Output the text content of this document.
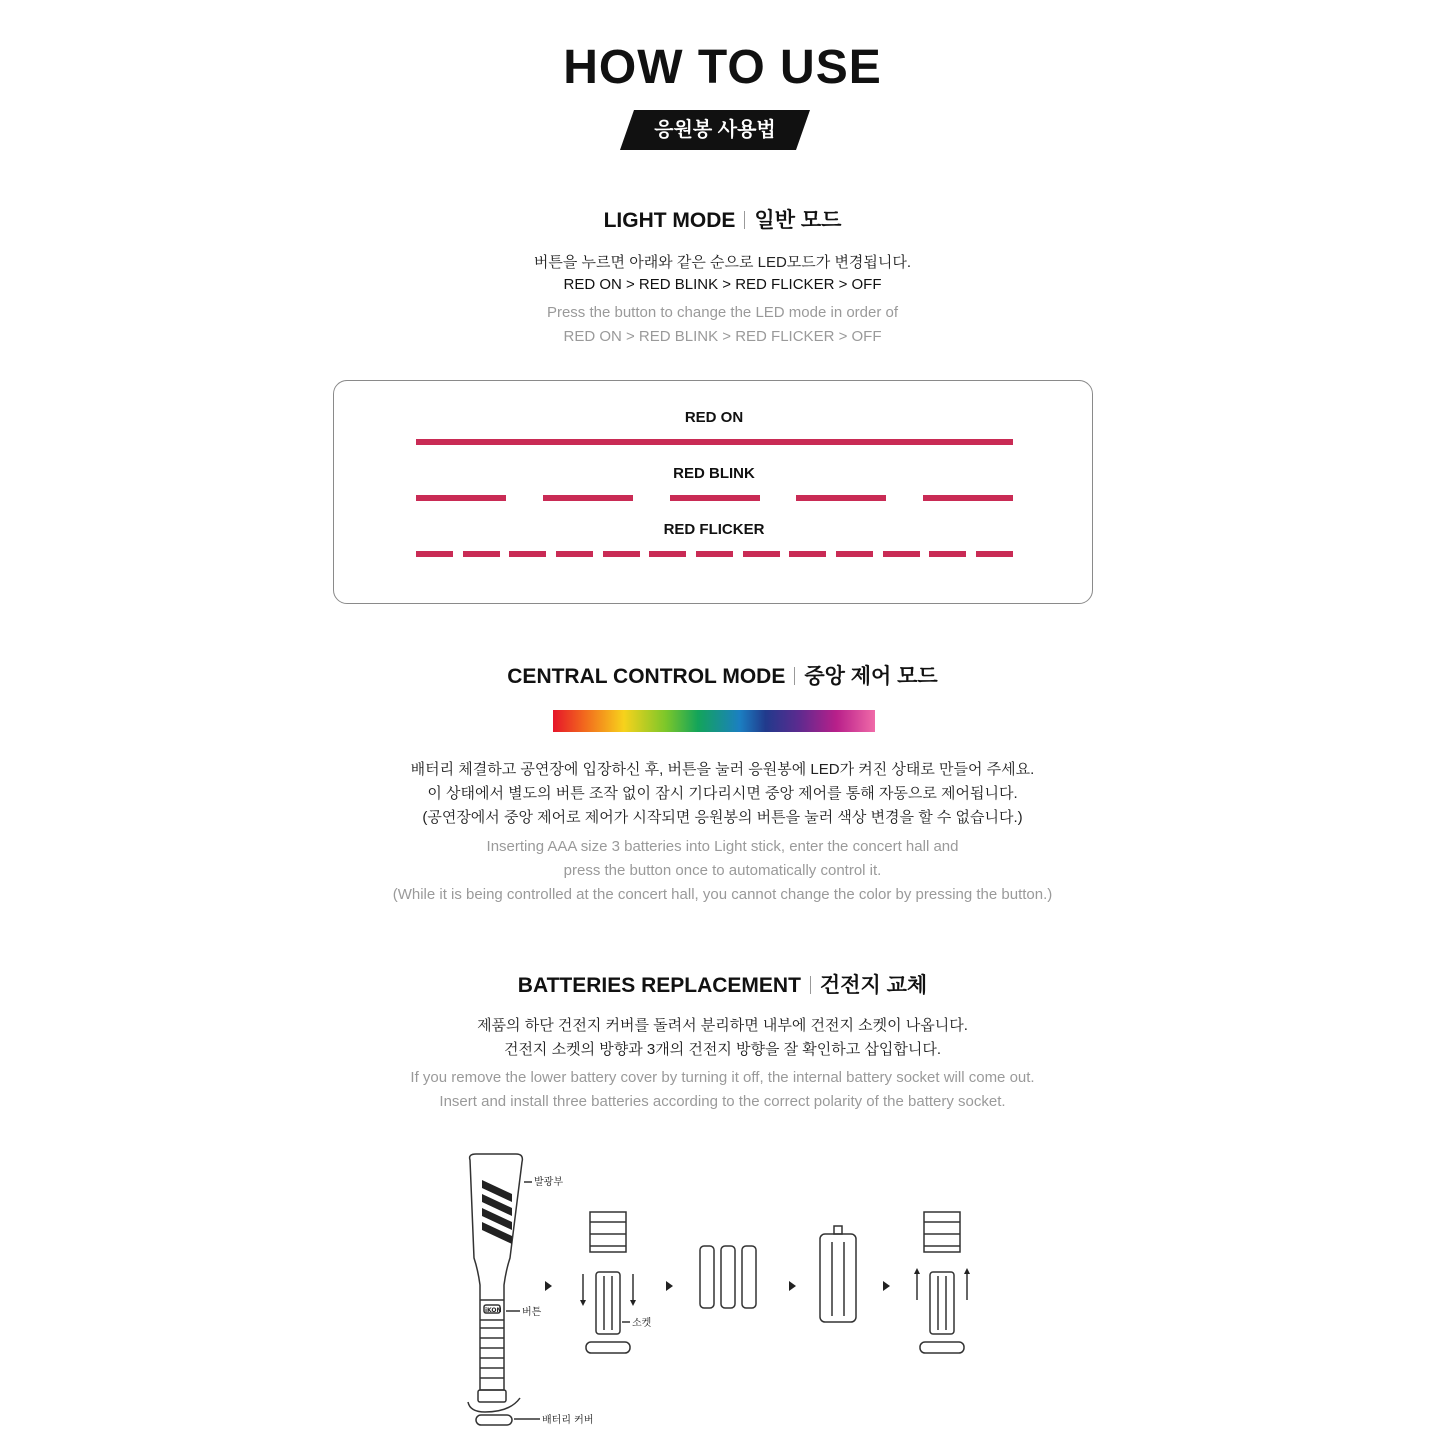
HOW TO USE
응원봉 사용법
LIGHT MODE 일반 모드
버튼을 누르면 아래와 같은 순으로 LED모드가 변경됩니다.
RED ON > RED BLINK > RED FLICKER > OFF
Press the button to change the LED mode in order of
RED ON > RED BLINK > RED FLICKER > OFF
RED ON
RED BLINK
RED FLICKER
CENTRAL CONTROL MODE 중앙 제어 모드
배터리 체결하고 공연장에 입장하신 후, 버튼을 눌러 응원봉에 LED가 켜진 상태로 만들어 주세요.
이 상태에서 별도의 버튼 조작 없이 잠시 기다리시면 중앙 제어를 통해 자동으로 제어됩니다.
(공연장에서 중앙 제어로 제어가 시작되면 응원봉의 버튼을 눌러 색상 변경을 할 수 없습니다.)
Inserting AAA size 3 batteries into Light stick, enter the concert hall and
press the button once to automatically control it.
(While it is being controlled at the concert hall, you cannot change the color by pressing the button.)
BATTERIES REPLACEMENT 건전지 교체
제품의 하단 건전지 커버를 돌려서 분리하면 내부에 건전지 소켓이 나옵니다.
건전지 소켓의 방향과 3개의 건전지 방향을 잘 확인하고 삽입합니다.
If you remove the lower battery cover by turning it off, the internal battery socket will come out.
Insert and install three batteries according to the correct polarity of the battery socket.
발광부
iKON 버튼
배터리 커버
소켓
